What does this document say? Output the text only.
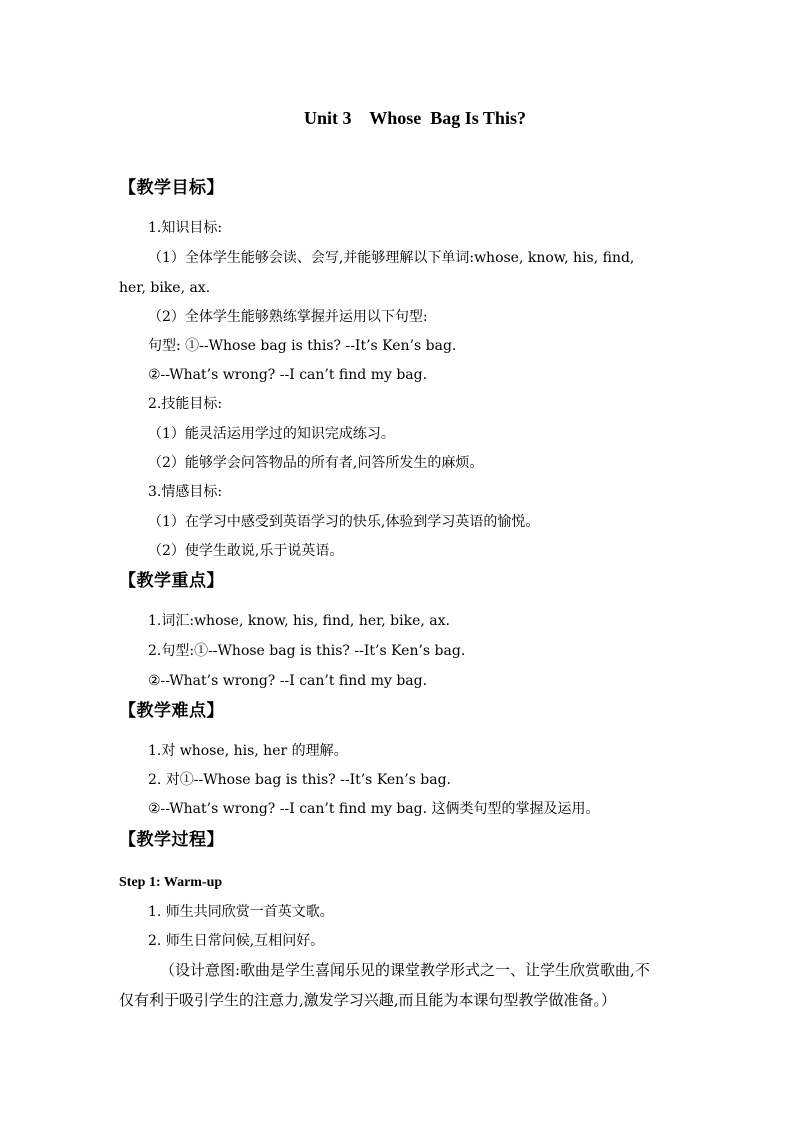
Unit 3    Whose  Bag Is This?
【教学目标】
1.知识目标:
（1）全体学生能够会读、会写,并能够理解以下单词:whose, know, his, find,
her, bike, ax.
（2）全体学生能够熟练掌握并运用以下句型:
句型: ①--Whose bag is this? --It’s Ken’s bag.
②--What’s wrong? --I can’t find my bag.
2.技能目标:
（1）能灵活运用学过的知识完成练习。
（2）能够学会问答物品的所有者,问答所发生的麻烦。
3.情感目标:
（1）在学习中感受到英语学习的快乐,体验到学习英语的愉悦。
（2）使学生敢说,乐于说英语。
【教学重点】
1.词汇:whose, know, his, find, her, bike, ax.
2.句型:①--Whose bag is this? --It’s Ken’s bag.
②--What’s wrong? --I can’t find my bag.
【教学难点】
1.对 whose, his, her 的理解。
2. 对①--Whose bag is this? --It’s Ken’s bag.
②--What’s wrong? --I can’t find my bag. 这俩类句型的掌握及运用。
【教学过程】
Step 1: Warm-up
1. 师生共同欣赏一首英文歌。
2. 师生日常问候,互相问好。
（设计意图:歌曲是学生喜闻乐见的课堂教学形式之一、让学生欣赏歌曲,不
仅有利于吸引学生的注意力,激发学习兴趣,而且能为本课句型教学做准备。）
